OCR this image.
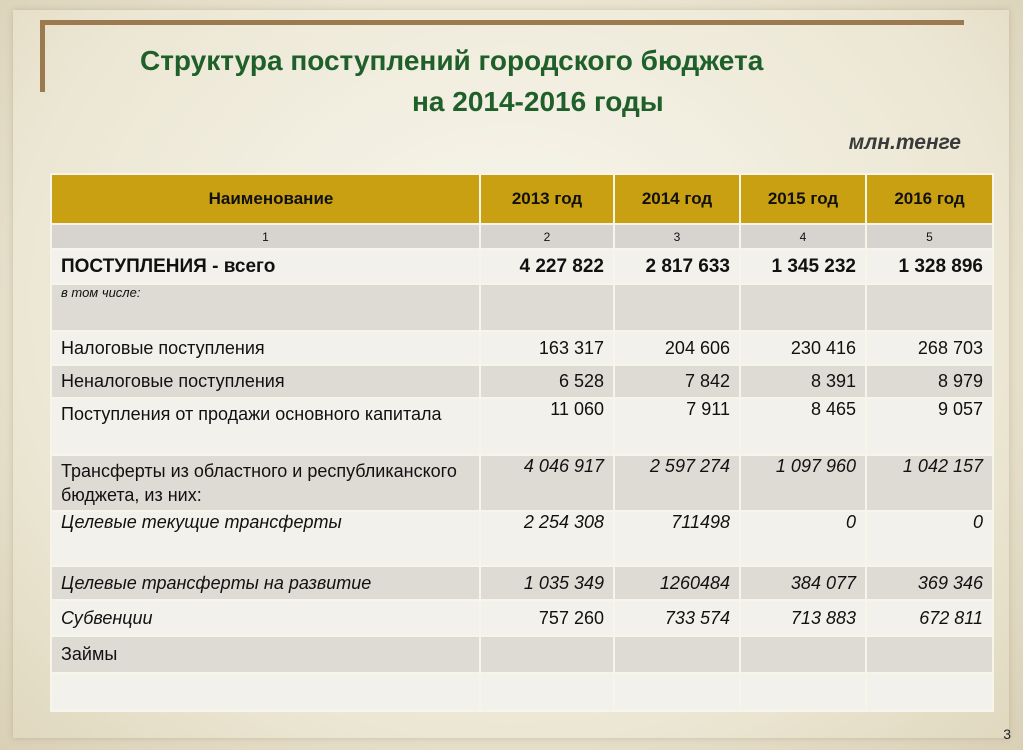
Структура поступлений городского бюджета
на 2014-2016 годы
млн.тенге
Наименование	2013 год	2014 год	2015 год	2016 год
1	2	3	4	5
ПОСТУПЛЕНИЯ - всего	4 227 822	2 817 633	1 345 232	1 328 896
в том числе:				
Налоговые поступления	163 317	204 606	230 416	268 703
Неналоговые поступления	6 528	7 842	8 391	8 979
Поступления от продажи основного капитала	11 060	7 911	8 465	9 057
Трансферты из областного и республиканского бюджета, из них:	4 046 917	2 597 274	1 097 960	1 042 157
Целевые текущие трансферты	2 254 308	711498	0	0
Целевые трансферты на развитие	1 035 349	1260484	384 077	369 346
Субвенции	757 260	733 574	713 883	672 811
Займы				

3
